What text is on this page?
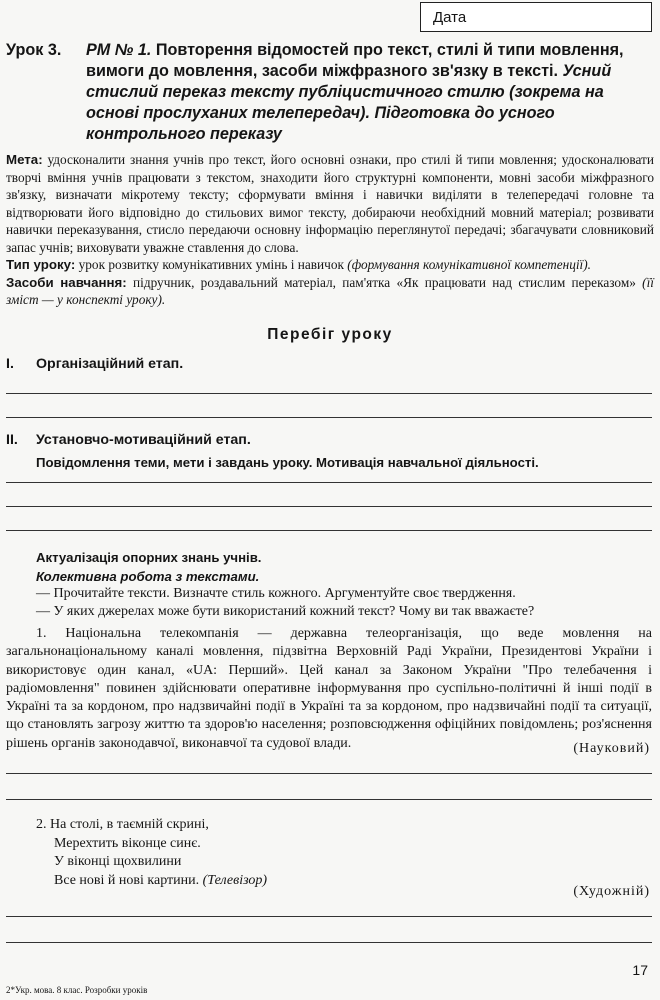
Дата
Урок 3.	РМ № 1. Повторення відомостей про текст, стилі й типи мовлення, вимоги до мовлення, засоби міжфразного зв'язку в тексті. Усний стислий переказ тексту публіцистичного стилю (зокрема на основі прослуханих телепередач). Підготовка до усного контрольного переказу
Мета: удосконалити знання учнів про текст, його основні ознаки, про стилі й типи мовлення; удосконалювати творчі вміння учнів працювати з текстом, знаходити його структурні компоненти, мовні засоби міжфразного зв'язку, визначати мікротему тексту; сформувати вміння і навички виділяти в телепередачі головне та відтворювати його відповідно до стильових вимог тексту, добираючи необхідний мовний матеріал; розвивати навички переказування, стисло передаючи основну інформацію переглянутої передачі; збагачувати словниковий запас учнів; виховувати уважне ставлення до слова.
Тип уроку: урок розвитку комунікативних умінь і навичок (формування комунікативної компетенції).
Засоби навчання: підручник, роздавальний матеріал, пам'ятка «Як працювати над стислим переказом» (її зміст — у конспекті уроку).
Перебіг уроку
I. Організаційний етап.
II. Установчо-мотиваційний етап.
Повідомлення теми, мети і завдань уроку. Мотивація навчальної діяльності.
Актуалізація опорних знань учнів.
Колективна робота з текстами.
— Прочитайте тексти. Визначте стиль кожного. Аргументуйте своє твердження.
— У яких джерелах може бути використаний кожний текст? Чому ви так вважаєте?
1. Національна телекомпанія — державна телеорганізація, що веде мовлення на загальнонаціональному каналі мовлення, підзвітна Верховній Раді України, Президентові України і використовує один канал, «UA: Перший». Цей канал за Законом України "Про телебачення і радіомовлення" повинен здійснювати оперативне інформування про суспільно-політичні й інші події в Україні та за кордоном, про надзвичайні події в Україні та за кордоном, про надзвичайні події та ситуації, що становлять загрозу життю та здоров'ю населення; розповсюдження офіційних повідомлень; роз'яснення рішень органів законодавчої, виконавчої та судової влади.	(Науковий)
2. На столі, в таємній скрині,
Мерехтить віконце синє.
У віконці щохвилини
Все нові й нові картини. (Телевізор)
(Художній)
17
2*Укр. мова. 8 клас. Розробки уроків
